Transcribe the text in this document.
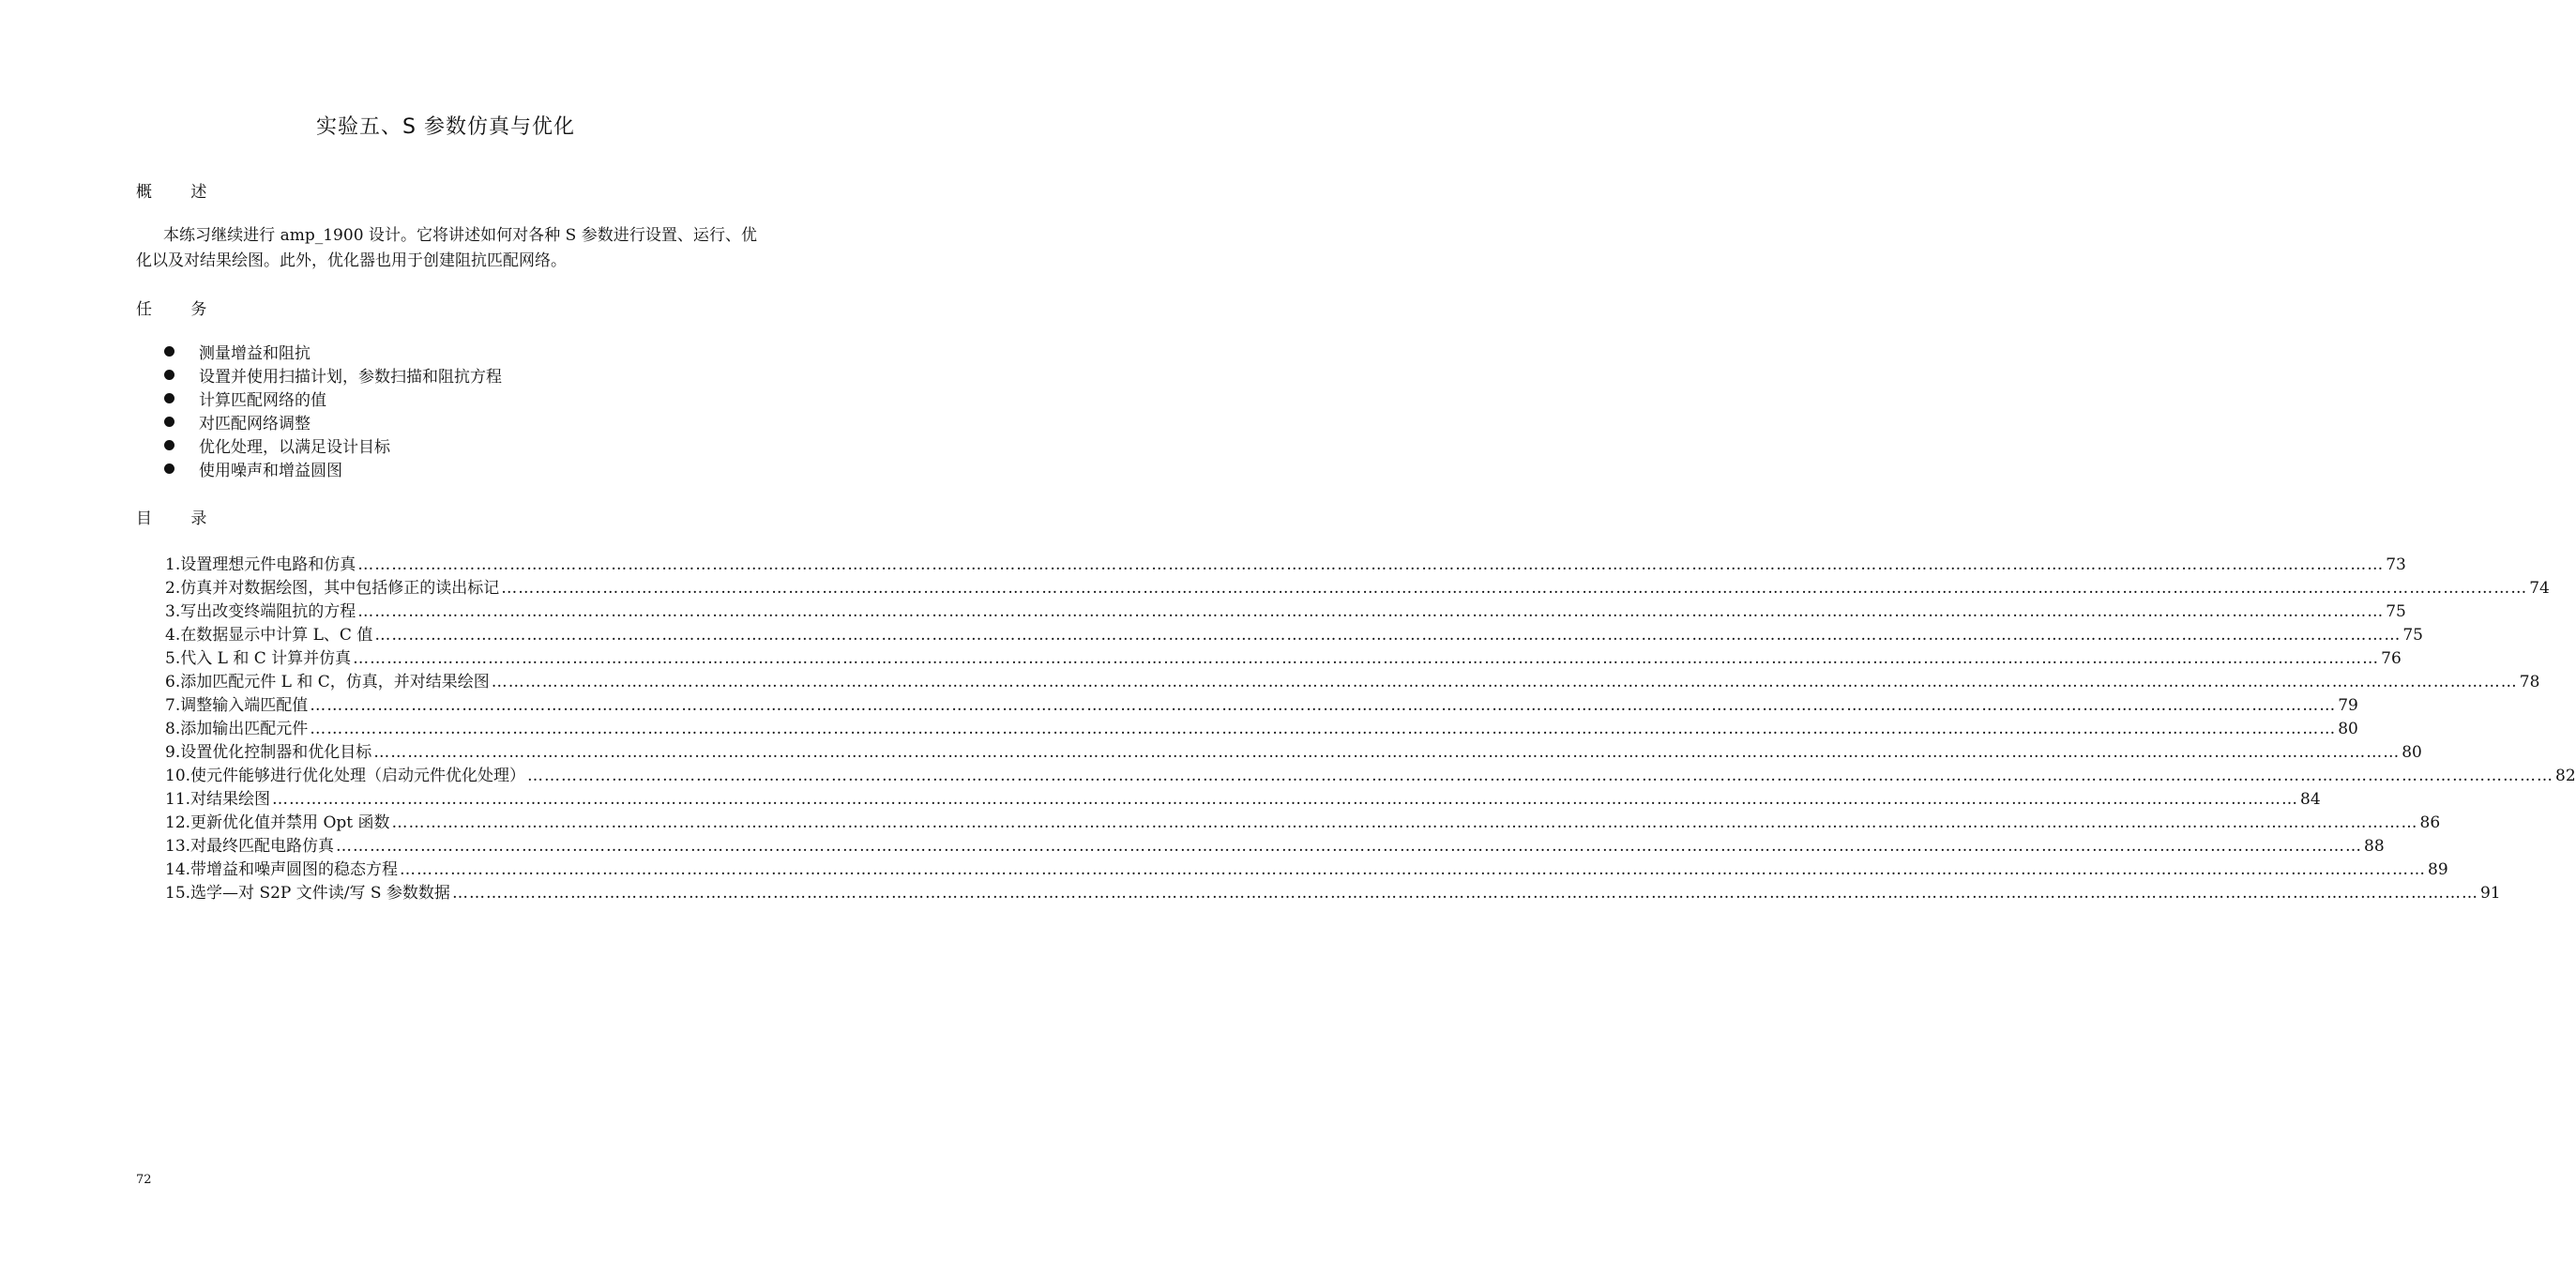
实验五、S 参数仿真与优化
概 述

本练习继续进行 amp_1900 设计。它将讲述如何对各种 S 参数进行设置、运行、优化以及对结果绘图。此外，优化器也用于创建阻抗匹配网络。

任 务
测量增益和阻抗
设置并使用扫描计划，参数扫描和阻抗方程
计算匹配网络的值
对匹配网络调整
优化处理，以满足设计目标
使用噪声和增益圆图
目 录
1. 设置理想元件电路和仿真 ……………………………………………………………………………………………………………………………………………………………………………………………………………………………………………………………………………………………………………………………… 73
2. 仿真并对数据绘图，其中包括修正的读出标记 ……………………………………………………………………………………………………………………………………………………………………………………………………………………………………………………………………………………………………………………………… 74
3. 写出改变终端阻抗的方程 ……………………………………………………………………………………………………………………………………………………………………………………………………………………………………………………………………………………………………………………………… 75
4. 在数据显示中计算 L、C 值 ……………………………………………………………………………………………………………………………………………………………………………………………………………………………………………………………………………………………………………………………… 75
5. 代入 L 和 C 计算并仿真 ……………………………………………………………………………………………………………………………………………………………………………………………………………………………………………………………………………………………………………………………… 76
6. 添加匹配元件 L 和 C，仿真，并对结果绘图 ……………………………………………………………………………………………………………………………………………………………………………………………………………………………………………………………………………………………………………………………… 78
7. 调整输入端匹配值 ……………………………………………………………………………………………………………………………………………………………………………………………………………………………………………………………………………………………………………………………… 79
8. 添加输出匹配元件 ……………………………………………………………………………………………………………………………………………………………………………………………………………………………………………………………………………………………………………………………… 80
9. 设置优化控制器和优化目标 ……………………………………………………………………………………………………………………………………………………………………………………………………………………………………………………………………………………………………………………………… 80
10. 使元件能够进行优化处理（启动元件优化处理） ……………………………………………………………………………………………………………………………………………………………………………………………………………………………………………………………………………………………………………………………… 82
11. 对结果绘图 ……………………………………………………………………………………………………………………………………………………………………………………………………………………………………………………………………………………………………………………………… 84
12. 更新优化值并禁用 Opt 函数 ……………………………………………………………………………………………………………………………………………………………………………………………………………………………………………………………………………………………………………………………… 86
13. 对最终匹配电路仿真 ……………………………………………………………………………………………………………………………………………………………………………………………………………………………………………………………………………………………………………………………… 88
14. 带增益和噪声圆图的稳态方程 ……………………………………………………………………………………………………………………………………………………………………………………………………………………………………………………………………………………………………………………………… 89
15. 选学—对 S2P 文件读/写 S 参数数据 ……………………………………………………………………………………………………………………………………………………………………………………………………………………………………………………………………………………………………………………………… 91
72
